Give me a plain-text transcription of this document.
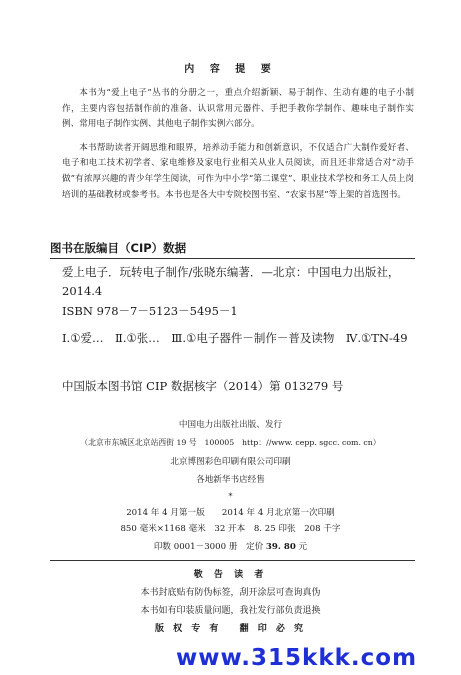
内 容 提 要

本书为“爱上电子”丛书的分册之一，重点介绍新颖、易于制作、生动有趣的电子小制作，主要内容包括制作前的准备、认识常用元器件、手把手教你学制作、趣味电子制作实例、常用电子制作实例、其他电子制作实例六部分。

本书帮助读者开阔思维和眼界，培养动手能力和创新意识，不仅适合广大制作爱好者、电子和电工技术初学者、家电维修及家电行业相关从业人员阅读，而且还非常适合对“动手做”有浓厚兴趣的青少年学生阅读，可作为中小学“第二课堂”、职业技术学校和务工人员上岗培训的基础教材或参考书。本书也是各大中专院校图书室、“农家书屋”等上架的首选图书。

图书在版编目（CIP）数据
爱上电子．玩转电子制作/张晓东编著．—北京：中国电力出版社，2014.4
ISBN 978－7－5123－5495－1
Ⅰ.①爱…　Ⅱ.①张…　Ⅲ.①电子器件－制作－普及读物　Ⅳ.①TN-49
中国版本图书馆 CIP 数据核字（2014）第 013279 号
中国电力出版社出版、发行
（北京市东城区北京站西街 19 号　100005　http：//www. cepp. sgcc. com. cn）
北京博图彩色印刷有限公司印刷
各地新华书店经售
*
2014 年 4 月第一版　　2014 年 4 月北京第一次印刷
850 毫米×1168 毫米　32 开本　8. 25 印张　208 千字
印数 0001－3000 册　定价 39. 80 元
敬 告 读 者
本书封底贴有防伪标签，刮开涂层可查询真伪
本书如有印装质量问题，我社发行部负责退换
版 权 专 有　 翻 印 必 究
www.315kkk.com
